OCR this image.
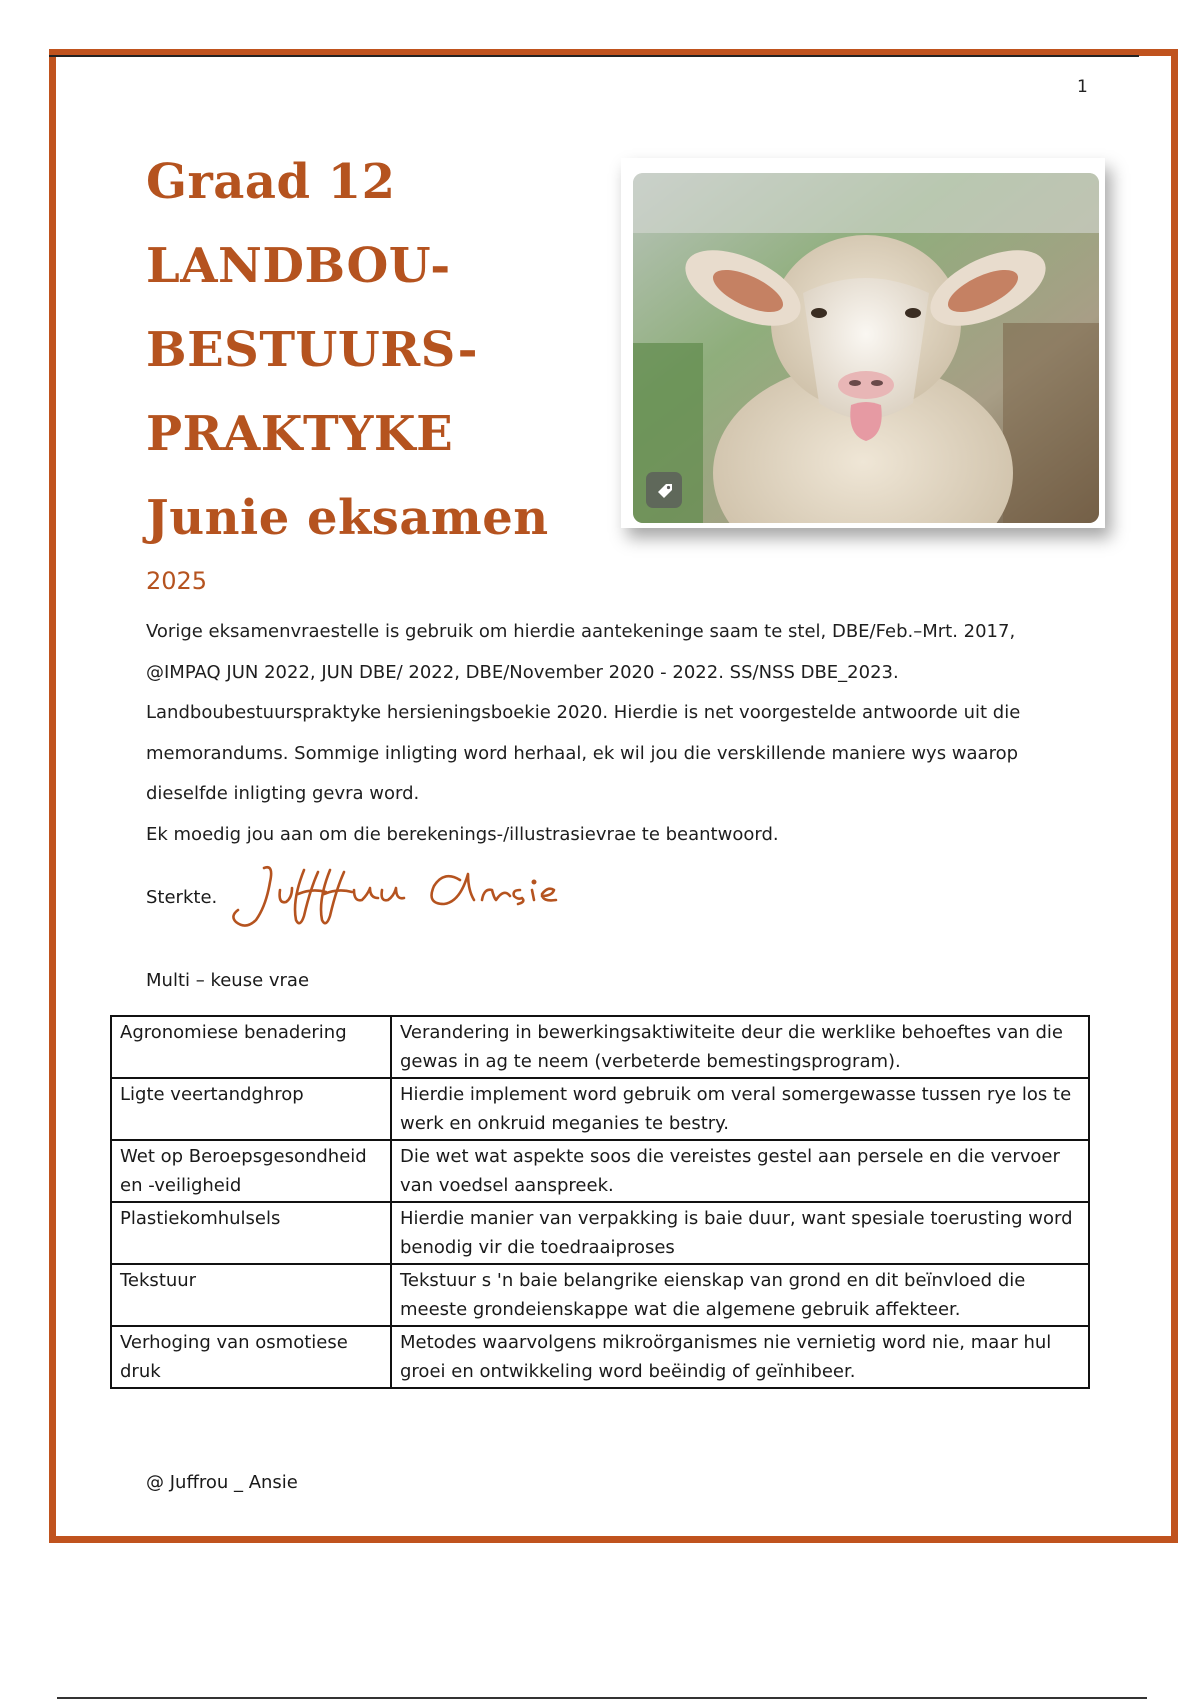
1
Graad 12
LANDBOU-
BESTUURS-
PRAKTYKE
Junie eksamen
2025

Vorige eksamenvraestelle is gebruik om hierdie aantekeninge saam te stel, DBE/Feb.–Mrt. 2017, @IMPAQ JUN 2022, JUN DBE/ 2022, DBE/November 2020 - 2022. SS/NSS DBE_2023. Landboubestuurspraktyke hersieningsboekie 2020. Hierdie is net voorgestelde antwoorde uit die memorandums. Sommige inligting word herhaal, ek wil jou die verskillende maniere wys waarop dieselfde inligting gevra word.

Ek moedig jou aan om die berekenings-/illustrasievrae te beantwoord.

Sterkte.
Multi – keuse vrae
Agronomiese benadering	Verandering in bewerkingsaktiwiteite deur die werklike behoeftes van die gewas in ag te neem (verbeterde bemestingsprogram).
Ligte veertandghrop	Hierdie implement word gebruik om veral somergewasse tussen rye los te werk en onkruid meganies te bestry.
Wet op Beroepsgesondheid en -veiligheid	Die wet wat aspekte soos die vereistes gestel aan persele en die vervoer van voedsel aanspreek.
Plastiekomhulsels	Hierdie manier van verpakking is baie duur, want spesiale toerusting word benodig vir die toedraaiproses
Tekstuur	Tekstuur s 'n baie belangrike eienskap van grond en dit beïnvloed die meeste grondeienskappe wat die algemene gebruik affekteer.
Verhoging van osmotiese druk	Metodes waarvolgens mikroörganismes nie vernietig word nie, maar hul groei en ontwikkeling word beëindig of geïnhibeer.
@ Juffrou _ Ansie
